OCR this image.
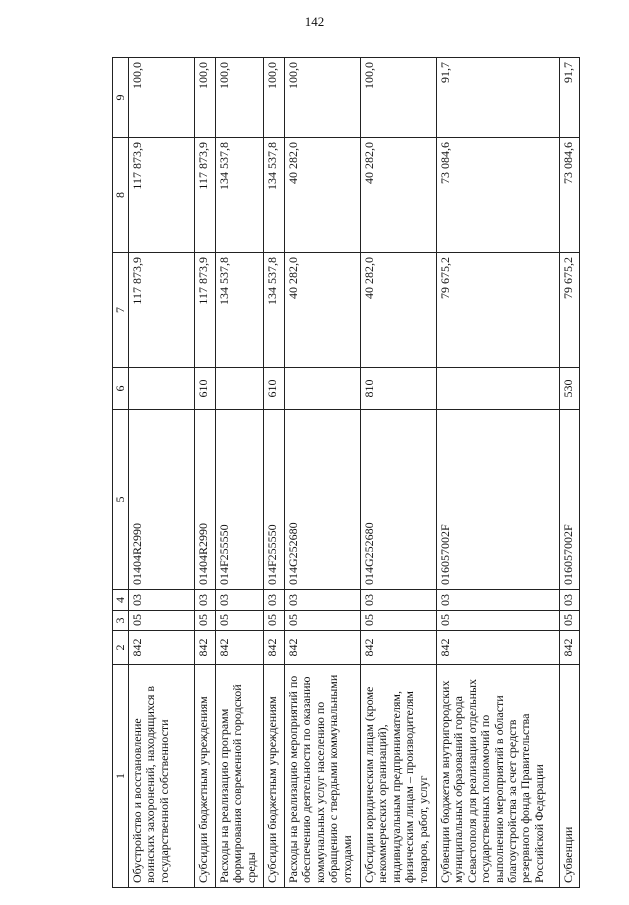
142
1	2	3	4	5	6	7	8	9
Обустройство и восстановление воинских захоронений, находящихся в государственной собственности	842	05	03	01404R2990		117 873,9	117 873,9	100,0
Субсидии бюджетным учреждениям	842	05	03	01404R2990	610	117 873,9	117 873,9	100,0
Расходы на реализацию программ формирования современной городской среды	842	05	03	014F255550		134 537,8	134 537,8	100,0
Субсидии бюджетным учреждениям	842	05	03	014F255550	610	134 537,8	134 537,8	100,0
Расходы на реализацию мероприятий по обеспечению деятельности по оказанию коммунальных услуг населению по обращению с твердыми коммунальными отходами	842	05	03	014G252680		40 282,0	40 282,0	100,0
Субсидии юридическим лицам (кроме некоммерческих организаций), индивидуальным предпринимателям, физическим лицам – производителям товаров, работ, услуг	842	05	03	014G252680	810	40 282,0	40 282,0	100,0
Субвенции бюджетам внутригородских муниципальных образований города Севастополя для реализации отдельных государственных полномочий по выполнению мероприятий в области благоустройства за счет средств резервного фонда Правительства Российской Федерации	842	05	03	016057002F		79 675,2	73 084,6	91,7
Субвенции	842	05	03	016057002F	530	79 675,2	73 084,6	91,7
